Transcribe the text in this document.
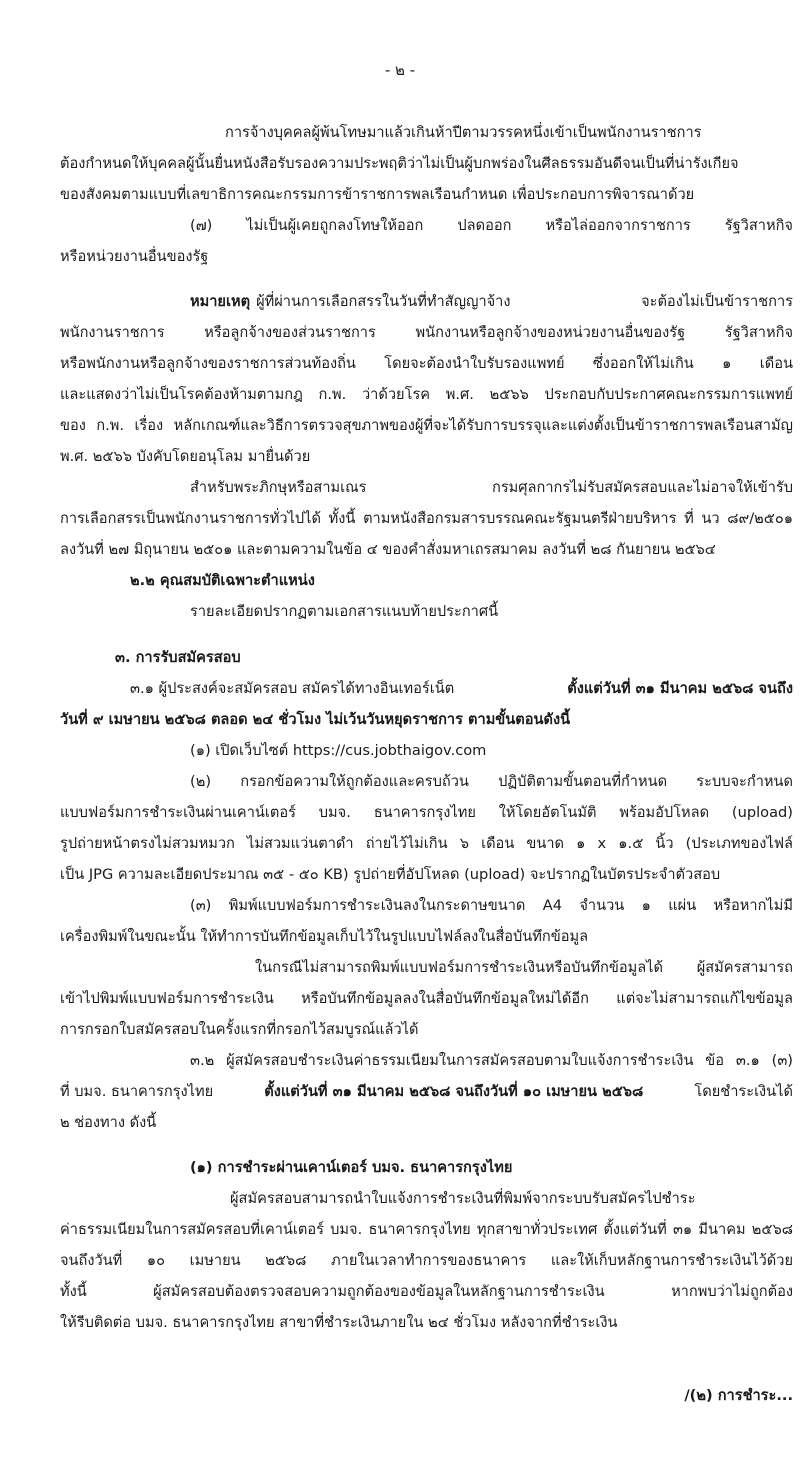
- ๒ -

การจ้างบุคคลผู้พ้นโทษมาแล้วเกินห้าปีตามวรรคหนึ่งเข้าเป็นพนักงานราชการ

ต้องกำหนดให้บุคคลผู้นั้นยื่นหนังสือรับรองความประพฤติว่าไม่เป็นผู้บกพร่องในศีลธรรมอันดีจนเป็นที่น่ารังเกียจ

ของสังคมตามแบบที่เลขาธิการคณะกรรมการข้าราชการพลเรือนกำหนด เพื่อประกอบการพิจารณาด้วย

(๗) ไม่เป็นผู้เคยถูกลงโทษให้ออก ปลดออก หรือไล่ออกจากราชการ รัฐวิสาหกิจ

หรือหน่วยงานอื่นของรัฐ

หมายเหตุ ผู้ที่ผ่านการเลือกสรรในวันที่ทำสัญญาจ้าง จะต้องไม่เป็นข้าราชการ

พนักงานราชการ หรือลูกจ้างของส่วนราชการ พนักงานหรือลูกจ้างของหน่วยงานอื่นของรัฐ รัฐวิสาหกิจ

หรือพนักงานหรือลูกจ้างของราชการส่วนท้องถิ่น โดยจะต้องนำใบรับรองแพทย์ ซึ่งออกให้ไม่เกิน ๑ เดือน

และแสดงว่าไม่เป็นโรคต้องห้ามตามกฎ ก.พ. ว่าด้วยโรค พ.ศ. ๒๕๖๖ ประกอบกับประกาศคณะกรรมการแพทย์

ของ ก.พ. เรื่อง หลักเกณฑ์และวิธีการตรวจสุขภาพของผู้ที่จะได้รับการบรรจุและแต่งตั้งเป็นข้าราชการพลเรือนสามัญ

พ.ศ. ๒๕๖๖ บังคับโดยอนุโลม มายื่นด้วย

สำหรับพระภิกษุหรือสามเณร กรมศุลกากรไม่รับสมัครสอบและไม่อาจให้เข้ารับ

การเลือกสรรเป็นพนักงานราชการทั่วไปได้ ทั้งนี้ ตามหนังสือกรมสารบรรณคณะรัฐมนตรีฝ่ายบริหาร ที่ นว ๘๙/๒๕๐๑

ลงวันที่ ๒๗ มิถุนายน ๒๕๐๑ และตามความในข้อ ๔ ของคำสั่งมหาเถรสมาคม ลงวันที่ ๒๘ กันยายน ๒๕๖๔

๒.๒ คุณสมบัติเฉพาะตำแหน่ง

รายละเอียดปรากฏตามเอกสารแนบท้ายประกาศนี้

๓. การรับสมัครสอบ

๓.๑ ผู้ประสงค์จะสมัครสอบ สมัครได้ทางอินเทอร์เน็ต	ตั้งแต่วันที่ ๓๑ มีนาคม ๒๕๖๘ จนถึง

วันที่ ๙ เมษายน ๒๕๖๘ ตลอด ๒๔ ชั่วโมง ไม่เว้นวันหยุดราชการ ตามขั้นตอนดังนี้

(๑) เปิดเว็บไซต์ https://cus.jobthaigov.com

(๒) กรอกข้อความให้ถูกต้องและครบถ้วน ปฏิบัติตามขั้นตอนที่กำหนด ระบบจะกำหนด

แบบฟอร์มการชำระเงินผ่านเคาน์เตอร์ บมจ. ธนาคารกรุงไทย ให้โดยอัตโนมัติ พร้อมอัปโหลด (upload)

รูปถ่ายหน้าตรงไม่สวมหมวก ไม่สวมแว่นตาดำ ถ่ายไว้ไม่เกิน ๖ เดือน ขนาด ๑ x ๑.๕ นิ้ว (ประเภทของไฟล์

เป็น JPG ความละเอียดประมาณ ๓๕ - ๕๐ KB) รูปถ่ายที่อัปโหลด (upload) จะปรากฏในบัตรประจำตัวสอบ

(๓) พิมพ์แบบฟอร์มการชำระเงินลงในกระดาษขนาด A4 จำนวน ๑ แผ่น หรือหากไม่มี

เครื่องพิมพ์ในขณะนั้น ให้ทำการบันทึกข้อมูลเก็บไว้ในรูปแบบไฟล์ลงในสื่อบันทึกข้อมูล

ในกรณีไม่สามารถพิมพ์แบบฟอร์มการชำระเงินหรือบันทึกข้อมูลได้ ผู้สมัครสามารถ

เข้าไปพิมพ์แบบฟอร์มการชำระเงิน หรือบันทึกข้อมูลลงในสื่อบันทึกข้อมูลใหม่ได้อีก แต่จะไม่สามารถแก้ไขข้อมูล

การกรอกใบสมัครสอบในครั้งแรกที่กรอกไว้สมบูรณ์แล้วได้

๓.๒ ผู้สมัครสอบชำระเงินค่าธรรมเนียมในการสมัครสอบตามใบแจ้งการชำระเงิน ข้อ ๓.๑ (๓)

ที่ บมจ. ธนาคารกรุงไทย	ตั้งแต่วันที่ ๓๑ มีนาคม ๒๕๖๘ จนถึงวันที่ ๑๐ เมษายน ๒๕๖๘	โดยชำระเงินได้

๒ ช่องทาง ดังนี้

(๑) การชำระผ่านเคาน์เตอร์ บมจ. ธนาคารกรุงไทย

ผู้สมัครสอบสามารถนำใบแจ้งการชำระเงินที่พิมพ์จากระบบรับสมัครไปชำระ

ค่าธรรมเนียมในการสมัครสอบที่เคาน์เตอร์ บมจ. ธนาคารกรุงไทย ทุกสาขาทั่วประเทศ ตั้งแต่วันที่ ๓๑ มีนาคม ๒๕๖๘

จนถึงวันที่ ๑๐ เมษายน ๒๕๖๘ ภายในเวลาทำการของธนาคาร และให้เก็บหลักฐานการชำระเงินไว้ด้วย

ทั้งนี้ ผู้สมัครสอบต้องตรวจสอบความถูกต้องของข้อมูลในหลักฐานการชำระเงิน หากพบว่าไม่ถูกต้อง

ให้รีบติดต่อ บมจ. ธนาคารกรุงไทย สาขาที่ชำระเงินภายใน ๒๔ ชั่วโมง หลังจากที่ชำระเงิน

/(๒) การชำระ...
